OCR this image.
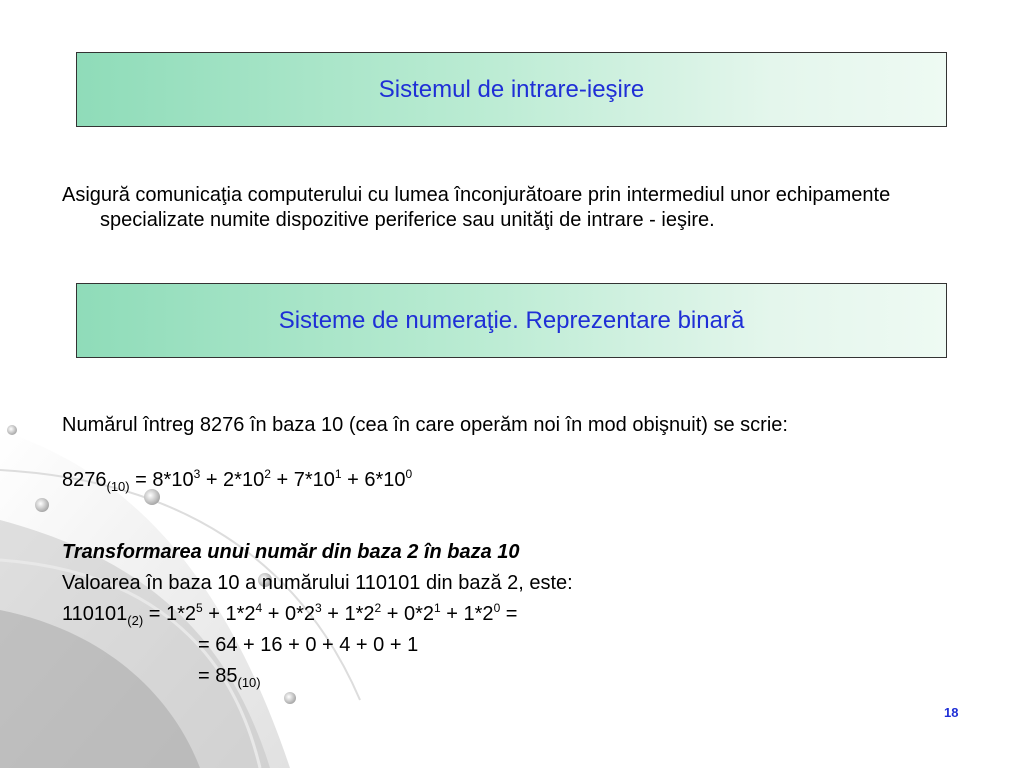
Sistemul de intrare-ieşire
Asigură comunicaţia computerului cu lumea înconjurătoare prin intermediul unor echipamente specializate numite dispozitive periferice sau unităţi de intrare - ieşire.
Sisteme de numeraţie. Reprezentare binară
Numărul întreg 8276 în baza 10 (cea în care operăm noi în mod obişnuit) se scrie:
$8276_{(10)} = 8*10^3 + 2*10^2 + 7*10^1 + 6*10^0$
Transformarea unui număr din baza 2 în baza 10
Valoarea în baza 10 a numărului 110101 din bază 2, este:
$110101_{(2)} = 1*2^5 + 1*2^4 + 0*2^3 + 1*2^2 + 0*2^1 + 1*2^0$ =
= 64 + 16 + 0 + 4 + 0 + 1
= $85_{(10)}$
18
